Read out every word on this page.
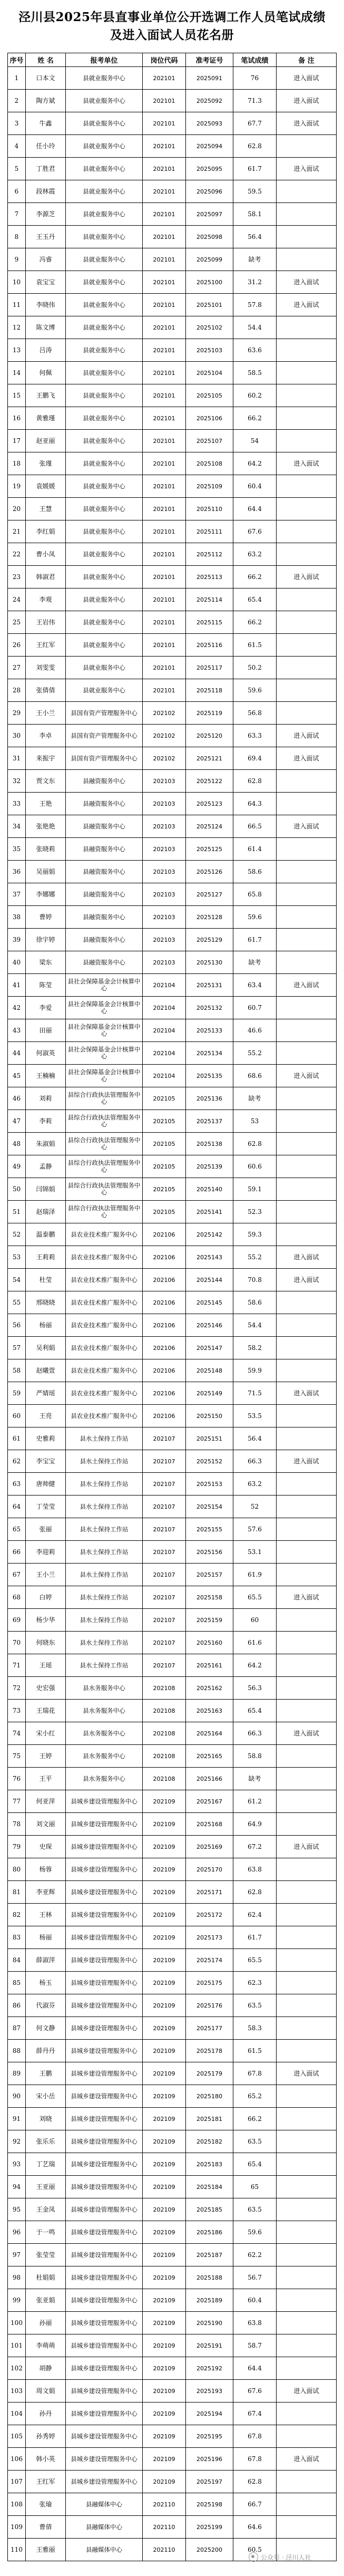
泾川县2025年县直事业单位公开选调工作人员笔试成绩及进入面试人员花名册
序号	姓 名	报考单位	岗位代码	准考证号	笔试成绩	备 注
1	口本文	县就业服务中心	202101	2025091	76	进入面试
2	陶方斌	县就业服务中心	202101	2025092	71.3	进入面试
3	牛鑫	县就业服务中心	202101	2025093	67.7	进入面试
4	任小玲	县就业服务中心	202101	2025094	62.8	
5	丁胜君	县就业服务中心	202101	2025095	61.7	进入面试
6	段林霞	县就业服务中心	202101	2025096	59.5	
7	李源芝	县就业服务中心	202101	2025097	58.1	
8	王玉丹	县就业服务中心	202101	2025098	56.4	
9	冯睿	县就业服务中心	202101	2025099	缺考	
10	袁宝宝	县就业服务中心	202101	2025100	31.2	进入面试
11	李晓伟	县就业服务中心	202101	2025101	57.8	进入面试
12	陈文博	县就业服务中心	202101	2025102	54.4	
13	吕涛	县就业服务中心	202101	2025103	63.6	
14	何佩	县就业服务中心	202101	2025104	58.5	
15	王鹏飞	县就业服务中心	202101	2025105	60.2	
16	黄雅瑾	县就业服务中心	202101	2025106	66.2	
17	赵亚丽	县就业服务中心	202101	2025107	54	
18	张瑾	县就业服务中心	202101	2025108	64.2	进入面试
19	袁媛媛	县就业服务中心	202101	2025109	60.4	
20	王慧	县就业服务中心	202101	2025110	64.4	
21	李红娟	县就业服务中心	202101	2025111	67.6	
22	曹小凤	县就业服务中心	202101	2025112	63.2	
23	韩淑君	县就业服务中心	202101	2025113	66.2	进入面试
24	李观	县就业服务中心	202101	2025114	65.4	
25	王岩伟	县就业服务中心	202101	2025115	66.2	
26	王红军	县就业服务中心	202101	2025116	61.5	
27	刘雯雯	县就业服务中心	202101	2025117	50.2	
28	张倩倩	县就业服务中心	202101	2025118	59.6	
29	王小兰	县国有资产管理服务中心	202102	2025119	56.8	
30	李卓	县国有资产管理服务中心	202102	2025120	63.3	进入面试
31	来振宇	县国有资产管理服务中心	202102	2025121	69.4	进入面试
32	贾文东	县融资服务中心	202103	2025122	62.8	
33	王艳	县融资服务中心	202103	2025123	64.3	
34	张艳艳	县融资服务中心	202103	2025124	66.5	进入面试
35	张晓莉	县融资服务中心	202103	2025125	61.4	
36	吴丽娟	县融资服务中心	202103	2025126	58.6	
37	李娜娜	县融资服务中心	202103	2025127	65.8	
38	曹婷	县融资服务中心	202103	2025128	59.6	
39	徐宇婷	县融资服务中心	202103	2025129	61.7	
40	梁东	县融资服务中心	202103	2025130	缺考	
41	陈莹	县社会保障基金会计核算中心	202104	2025131	63.4	进入面试
42	李爱	县社会保障基金会计核算中心	202104	2025132	60.7	
43	田丽	县社会保障基金会计核算中心	202104	2025133	46.6	
44	何淑英	县社会保障基金会计核算中心	202104	2025134	55.2	
45	王楠楠	县社会保障基金会计核算中心	202104	2025135	68.6	进入面试
46	刘莉	县综合行政执法管理服务中心	202105	2025136	缺考	
47	李莉	县综合行政执法管理服务中心	202105	2025137	53	
48	朱淑娟	县综合行政执法管理服务中心	202105	2025138	62.8	
49	孟静	县综合行政执法管理服务中心	202105	2025139	60.6	
50	闫锦娟	县综合行政执法管理服务中心	202105	2025140	59.1	
51	赵瑞泽	县综合行政执法管理服务中心	202105	2025141	52.3	
52	温泰鹏	县农业技术推广服务中心	202106	2025142	59.3	
53	王莉莉	县农业技术推广服务中心	202106	2025143	55.2	进入面试
54	杜莹	县农业技术推广服务中心	202106	2025144	70.8	进入面试
55	邢晓晓	县农业技术推广服务中心	202106	2025145	58.6	
56	杨丽	县农业技术推广服务中心	202106	2025146	54.4	
57	吴利娟	县农业技术推广服务中心	202106	2025147	58.2	
58	赵曦萱	县农业技术推广服务中心	202106	2025148	59.9	
59	严婧瑶	县农业技术推广服务中心	202106	2025149	71.5	进入面试
60	王亮	县农业技术推广服务中心	202106	2025150	53.5	
61	史雅莉	县水土保持工作站	202107	2025151	56.4	
62	李宝宝	县水土保持工作站	202107	2025152	66.3	进入面试
63	唐帅健	县水土保持工作站	202107	2025153	63.2	
64	丁莹莹	县水土保持工作站	202107	2025154	52	
65	张丽	县水土保持工作站	202107	2025155	57.6	
66	李迎莉	县水土保持工作站	202107	2025156	53.1	
67	王小兰	县水土保持工作站	202107	2025157	61.9	
68	白婷	县水土保持工作站	202107	2025158	65.5	进入面试
69	杨少华	县水土保持工作站	202107	2025159	60	
70	何晓东	县水土保持工作站	202107	2025160	61.6	
71	王瑶	县水土保持工作站	202107	2025161	64.2	
72	史宏强	县水务服务中心	202108	2025162	56.3	
73	王瑞花	县水务服务中心	202108	2025163	65.4	
74	宋小红	县水务服务中心	202108	2025164	66.3	进入面试
75	王婷	县水务服务中心	202108	2025165	58.8	
76	王平	县水务服务中心	202108	2025166	缺考	
77	何亚萍	县城乡建设管理服务中心	202109	2025167	61.2	
78	刘文丽	县城乡建设管理服务中心	202109	2025168	64.9	
79	史琛	县城乡建设管理服务中心	202109	2025169	67.2	进入面试
80	杨蓉	县城乡建设管理服务中心	202109	2025170	63.8	
81	李亚辉	县城乡建设管理服务中心	202109	2025171	62.8	
82	王林	县城乡建设管理服务中心	202109	2025172	62.4	
83	杨丽	县城乡建设管理服务中心	202109	2025173	61.7	
84	薛淑萍	县城乡建设管理服务中心	202109	2025174	65.5	
85	杨玉	县城乡建设管理服务中心	202109	2025175	62.3	
86	代淑芬	县城乡建设管理服务中心	202109	2025176	63.5	
87	何文静	县城乡建设管理服务中心	202109	2025177	58.3	
88	薛丹丹	县城乡建设管理服务中心	202109	2025178	61.5	
89	王鹏	县城乡建设管理服务中心	202109	2025179	67.8	进入面试
90	宋小岳	县城乡建设管理服务中心	202109	2025180	65.2	
91	刘晓	县城乡建设管理服务中心	202109	2025181	66.2	
92	张乐乐	县城乡建设管理服务中心	202109	2025182	63.5	
93	丁艺瑞	县城乡建设管理服务中心	202109	2025183	65.4	
94	王亚丽	县城乡建设管理服务中心	202109	2025184	65	
95	王金凤	县城乡建设管理服务中心	202109	2025185	63.5	
96	于一鸣	县城乡建设管理服务中心	202109	2025186	59.6	
97	张莹莹	县城乡建设管理服务中心	202109	2025187	62.2	
98	杜娟娟	县城乡建设管理服务中心	202109	2025188	56.7	
99	张亚娟	县城乡建设管理服务中心	202109	2025189	60.4	
100	孙丽	县城乡建设管理服务中心	202109	2025190	63.8	
101	李萌萌	县城乡建设管理服务中心	202109	2025191	58.7	
102	胡静	县城乡建设管理服务中心	202109	2025192	64.4	
103	周文娟	县城乡建设管理服务中心	202109	2025193	67.6	进入面试
104	孙丹	县城乡建设管理服务中心	202109	2025194	67.4	
105	孙秀婷	县城乡建设管理服务中心	202109	2025195	67.8	
106	韩小英	县城乡建设管理服务中心	202109	2025196	67.8	进入面试
107	王红军	县城乡建设管理服务中心	202109	2025197	62.8	
108	张瑜	县融媒体中心	202110	2025198	66.7	
109	曹倩	县融媒体中心	202110	2025199	64.6	
110	王雅丽	县融媒体中心	202110	2025200	60.5	
公众号 · 泾川人社
